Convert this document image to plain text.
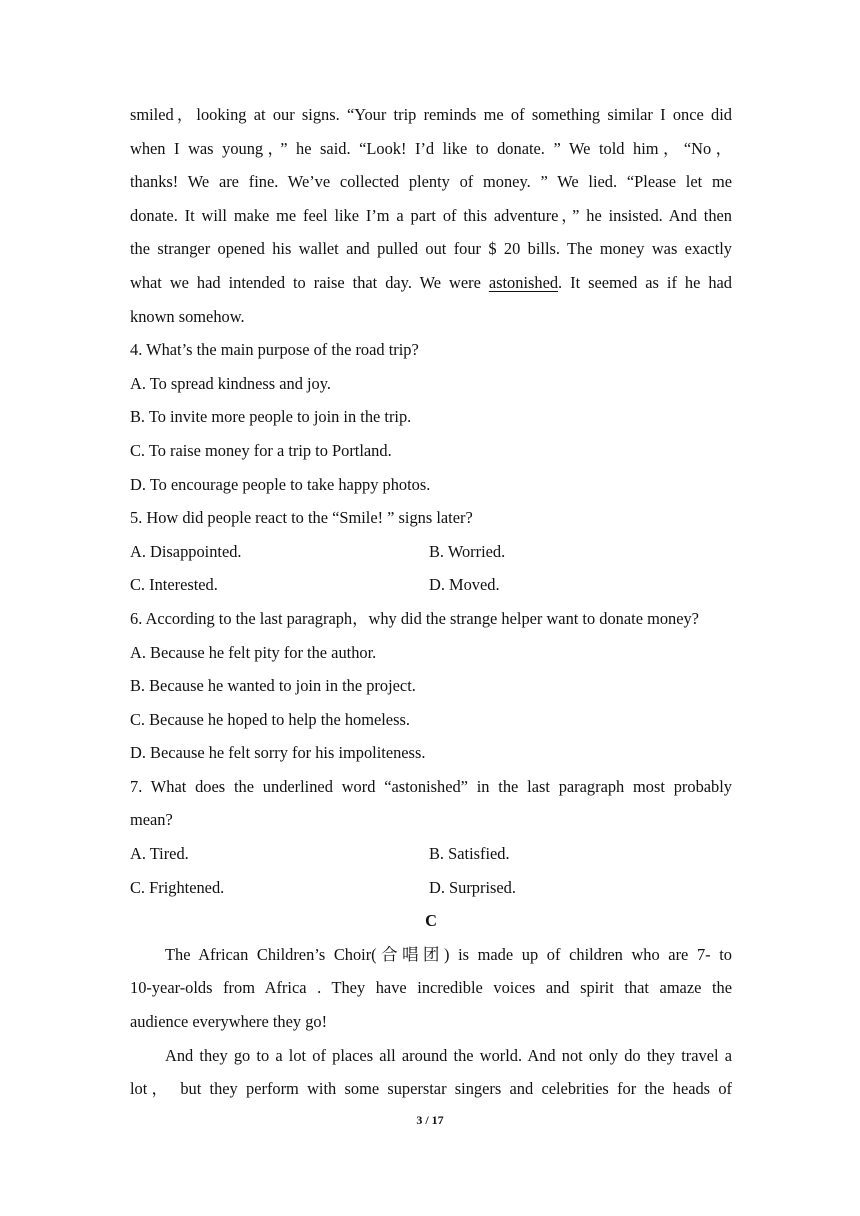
smiled，looking at our signs. “Your trip reminds me of something similar I once did
when I was young，” he said. “Look! I’d like to donate. ” We told him，“No，
thanks! We are fine. We’ve collected plenty of money. ” We lied. “Please let me
donate. It will make me feel like I’m a part of this adventure，” he insisted. And then
the stranger opened his wallet and pulled out four $ 20 bills. The money was exactly
what we had intended to raise that day. We were astonished. It seemed as if he had
known somehow.
4. What’s the main purpose of the road trip?
A. To spread kindness and joy.
B. To invite more people to join in the trip.
C. To raise money for a trip to Portland.
D. To encourage people to take happy photos.
5. How did people react to the “Smile! ” signs later?
A. Disappointed.	B. Worried.
C. Interested.	D. Moved.
6. According to the last paragraph，why did the strange helper want to donate money?
A. Because he felt pity for the author.
B. Because he wanted to join in the project.
C. Because he hoped to help the homeless.
D. Because he felt sorry for his impoliteness.
7. What does the underlined word “astonished” in the last paragraph most probably
mean?
A. Tired.	B. Satisfied.
C. Frightened.	D. Surprised.
C
The African Children’s Choir(合唱团) is made up of children who are 7- to
10-year-olds from Africa . They have incredible voices and spirit that amaze the
audience everywhere they go!
And they go to a lot of places all around the world. And not only do they travel a
lot， but they perform with some superstar singers and celebrities for the heads of
3 / 17
